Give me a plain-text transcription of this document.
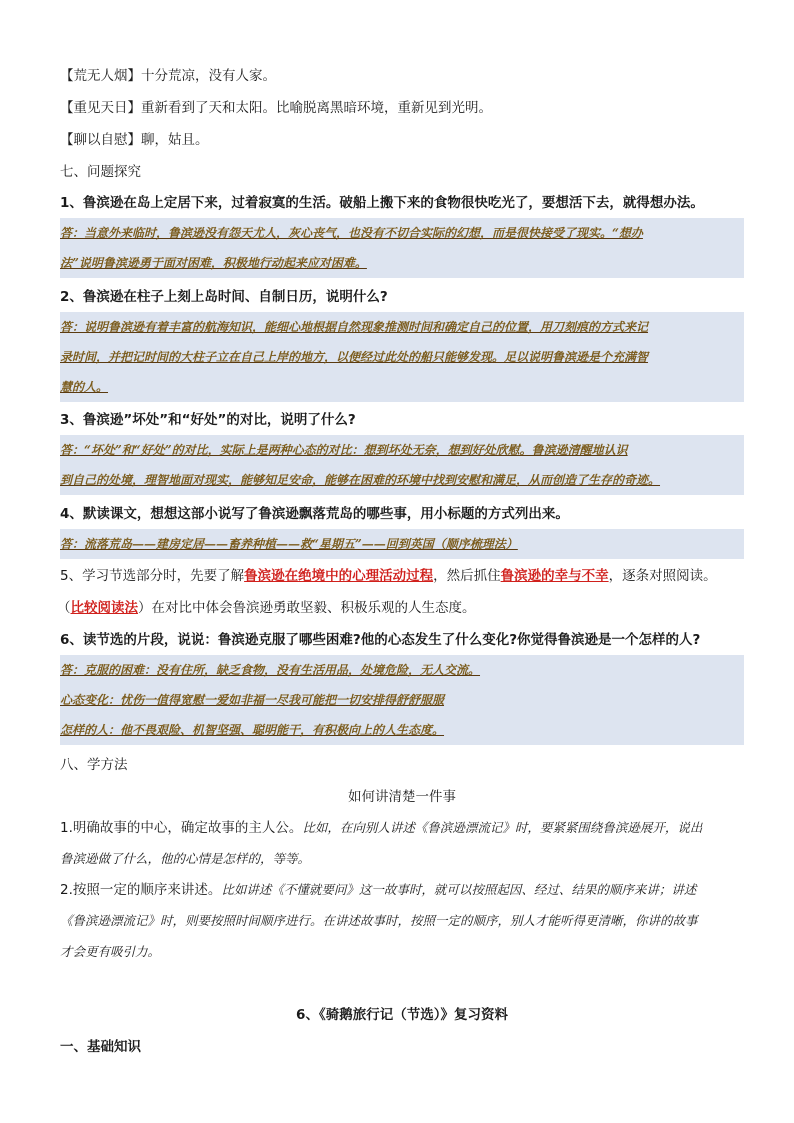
【荒无人烟】十分荒凉，没有人家。
【重见天日】重新看到了天和太阳。比喻脱离黑暗环境，重新见到光明。
【聊以自慰】聊，姑且。
七、问题探究
1、鲁滨逊在岛上定居下来，过着寂寞的生活。破船上搬下来的食物很快吃光了，要想活下去，就得想办法。
答：当意外来临时，鲁滨逊没有怨天尤人，灰心丧气，也没有不切合实际的幻想，而是很快接受了现实。“想办
法”说明鲁滨逊勇于面对困难，积极地行动起来应对困难。
2、鲁滨逊在柱子上刻上岛时间、自制日历，说明什么?
答：说明鲁滨逊有着丰富的航海知识，能细心地根据自然现象推测时间和确定自己的位置，用刀刻痕的方式来记
录时间，并把记时间的大柱子立在自己上岸的地方，以便经过此处的船只能够发现。足以说明鲁滨逊是个充满智
慧的人。
3、鲁滨逊”坏处”和“好处”的对比，说明了什么?
答：“坏处”和“好处”的对比，实际上是两种心态的对比：想到坏处无奈，想到好处欣慰。鲁滨逊清醒地认识
到自己的处境，理智地面对现实，能够知足安命，能够在困难的环境中找到安慰和满足，从而创造了生存的奇迹。
4、默读课文，想想这部小说写了鲁滨逊飘落荒岛的哪些事，用小标题的方式列出来。
答：流落荒岛——建房定居——畜养种植——救“星期五”——回到英国（顺序梳理法）
5、学习节选部分时，先要了解鲁滨逊在绝境中的心理活动过程，然后抓住鲁滨逊的幸与不幸，逐条对照阅读。
（比较阅读法）在对比中体会鲁滨逊勇敢坚毅、积极乐观的人生态度。
6、读节选的片段，说说：鲁滨逊克服了哪些困难?他的心态发生了什么变化?你觉得鲁滨逊是一个怎样的人?
答：克服的困难：没有住所，缺乏食物，没有生活用品，处境危险，无人交流。
心态变化：忧伤一值得宽慰一爱如非福一尽我可能把一切安排得舒舒服服
怎样的人：他不畏艰险、机智坚强、聪明能干，有积极向上的人生态度。
八、学方法
如何讲清楚一件事
1.明确故事的中心，确定故事的主人公。比如，在向别人讲述《鲁滨逊漂流记》时，要紧紧围绕鲁滨逊展开，说出
鲁滨逊做了什么，他的心情是怎样的，等等。
2.按照一定的顺序来讲述。比如讲述《不懂就要问》这一故事时，就可以按照起因、经过、结果的顺序来讲；讲述
《鲁滨逊漂流记》时，则要按照时间顺序进行。在讲述故事时，按照一定的顺序，别人才能听得更清晰，你讲的故事
才会更有吸引力。
6、《骑鹅旅行记（节选）》复习资料
一、基础知识
